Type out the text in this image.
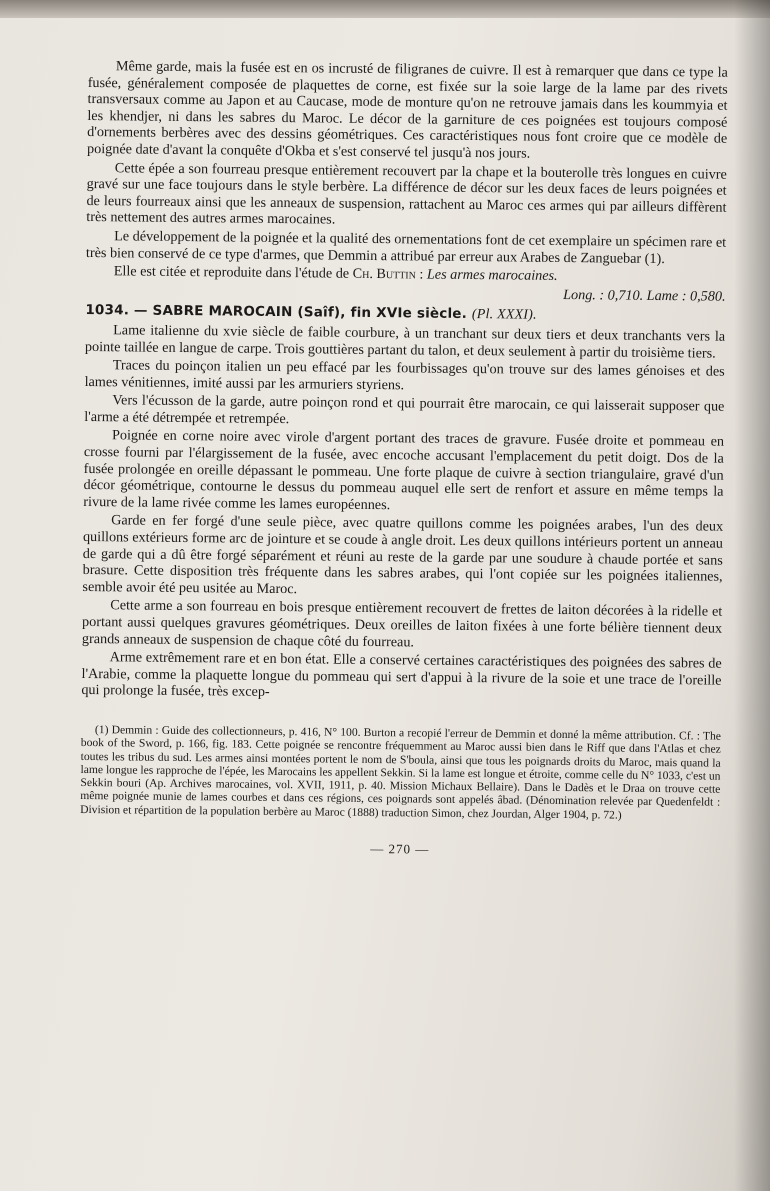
Même garde, mais la fusée est en os incrusté de filigranes de cuivre. Il est à remarquer que dans ce type la fusée, généralement composée de plaquettes de corne, est fixée sur la soie large de la lame par des rivets transversaux comme au Japon et au Caucase, mode de monture qu'on ne retrouve jamais dans les koummyia et les khendjer, ni dans les sabres du Maroc. Le décor de la garniture de ces poignées est toujours composé d'ornements berbères avec des dessins géométriques. Ces caractéristiques nous font croire que ce modèle de poignée date d'avant la conquête d'Okba et s'est conservé tel jusqu'à nos jours.

Cette épée a son fourreau presque entièrement recouvert par la chape et la bouterolle très longues en cuivre gravé sur une face toujours dans le style berbère. La différence de décor sur les deux faces de leurs poignées et de leurs fourreaux ainsi que les anneaux de suspension, rattachent au Maroc ces armes qui par ailleurs diffèrent très nettement des autres armes marocaines.

Le développement de la poignée et la qualité des ornementations font de cet exemplaire un spécimen rare et très bien conservé de ce type d'armes, que Demmin a attribué par erreur aux Arabes de Zanguebar (1).

Elle est citée et reproduite dans l'étude de Ch. Buttin : Les armes marocaines.

Long. : 0,710. Lame : 0,580.

1034. — SABRE MAROCAIN (Saîf), fin XVIe siècle. (Pl. XXXI).

Lame italienne du xvie siècle de faible courbure, à un tranchant sur deux tiers et deux tranchants vers la pointe taillée en langue de carpe. Trois gouttières partant du talon, et deux seulement à partir du troisième tiers.

Traces du poinçon italien un peu effacé par les fourbissages qu'on trouve sur des lames génoises et des lames vénitiennes, imité aussi par les armuriers styriens.

Vers l'écusson de la garde, autre poinçon rond et qui pourrait être marocain, ce qui laisserait supposer que l'arme a été détrempée et retrempée.

Poignée en corne noire avec virole d'argent portant des traces de gravure. Fusée droite et pommeau en crosse fourni par l'élargissement de la fusée, avec encoche accusant l'emplacement du petit doigt. Dos de la fusée prolongée en oreille dépassant le pommeau. Une forte plaque de cuivre à section triangulaire, gravé d'un décor géométrique, contourne le dessus du pommeau auquel elle sert de renfort et assure en même temps la rivure de la lame rivée comme les lames européennes.

Garde en fer forgé d'une seule pièce, avec quatre quillons comme les poignées arabes, l'un des deux quillons extérieurs forme arc de jointure et se coude à angle droit. Les deux quillons intérieurs portent un anneau de garde qui a dû être forgé séparément et réuni au reste de la garde par une soudure à chaude portée et sans brasure. Cette disposition très fréquente dans les sabres arabes, qui l'ont copiée sur les poignées italiennes, semble avoir été peu usitée au Maroc.

Cette arme a son fourreau en bois presque entièrement recouvert de frettes de laiton décorées à la ridelle et portant aussi quelques gravures géométriques. Deux oreilles de laiton fixées à une forte bélière tiennent deux grands anneaux de suspension de chaque côté du fourreau.

Arme extrêmement rare et en bon état. Elle a conservé certaines caractéristiques des poignées des sabres de l'Arabie, comme la plaquette longue du pommeau qui sert d'appui à la rivure de la soie et une trace de l'oreille qui prolonge la fusée, très excep-

(1) Demmin : Guide des collectionneurs, p. 416, N° 100. Burton a recopié l'erreur de Demmin et donné la même attribution. Cf. : The book of the Sword, p. 166, fig. 183. Cette poignée se rencontre fréquemment au Maroc aussi bien dans le Riff que dans l'Atlas et chez toutes les tribus du sud. Les armes ainsi montées portent le nom de S'boula, ainsi que tous les poignards droits du Maroc, mais quand la lame longue les rapproche de l'épée, les Marocains les appellent Sekkin. Si la lame est longue et étroite, comme celle du N° 1033, c'est un Sekkin bouri (Ap. Archives marocaines, vol. XVII, 1911, p. 40. Mission Michaux Bellaire). Dans le Dadès et le Draa on trouve cette même poignée munie de lames courbes et dans ces régions, ces poignards sont appelés âbad. (Dénomination relevée par Quedenfeldt : Division et répartition de la population berbère au Maroc (1888) traduction Simon, chez Jourdan, Alger 1904, p. 72.)

— 270 —
